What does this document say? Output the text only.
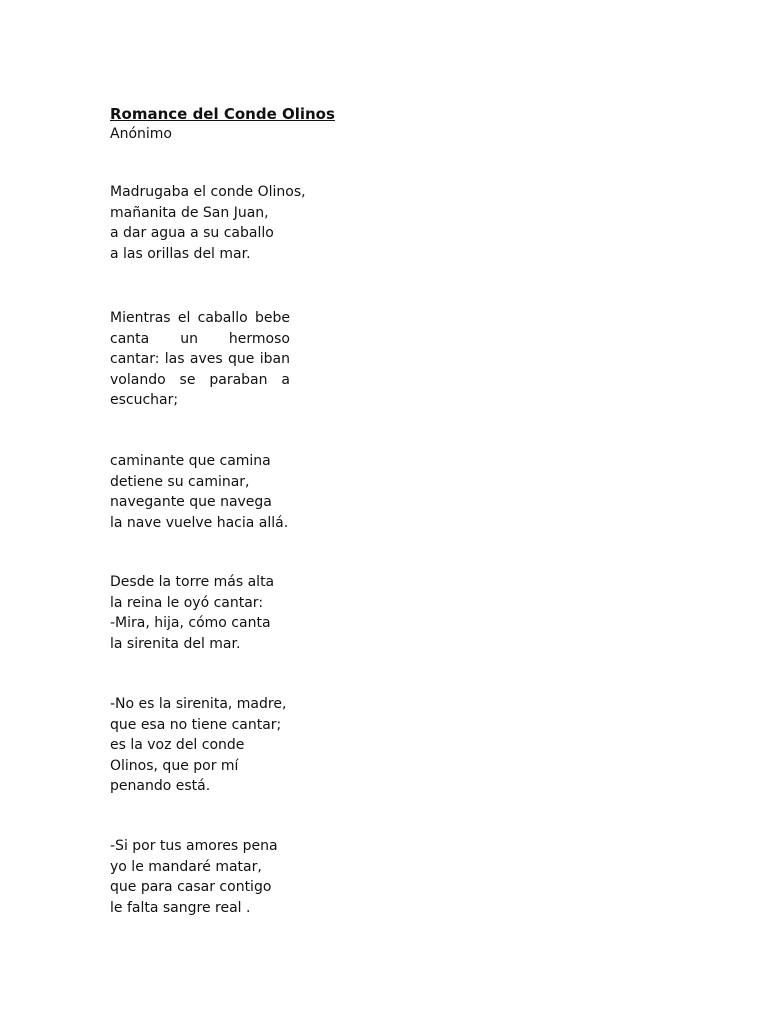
Romance del Conde Olinos

Anónimo

Madrugaba el conde Olinos,
mañanita de San Juan,
a dar agua a su caballo
a las orillas del mar.
Mientras el caballo bebe
canta un hermoso
cantar: las aves que iban
volando se paraban a
escuchar;
caminante que camina
detiene su caminar,
navegante que navega
la nave vuelve hacia allá.
Desde la torre más alta
la reina le oyó cantar:
-Mira, hija, cómo canta
la sirenita del mar.
-No es la sirenita, madre,
que esa no tiene cantar;
es la voz del conde
Olinos, que por mí
penando está.
-Si por tus amores pena
yo le mandaré matar,
que para casar contigo
le falta sangre real .
